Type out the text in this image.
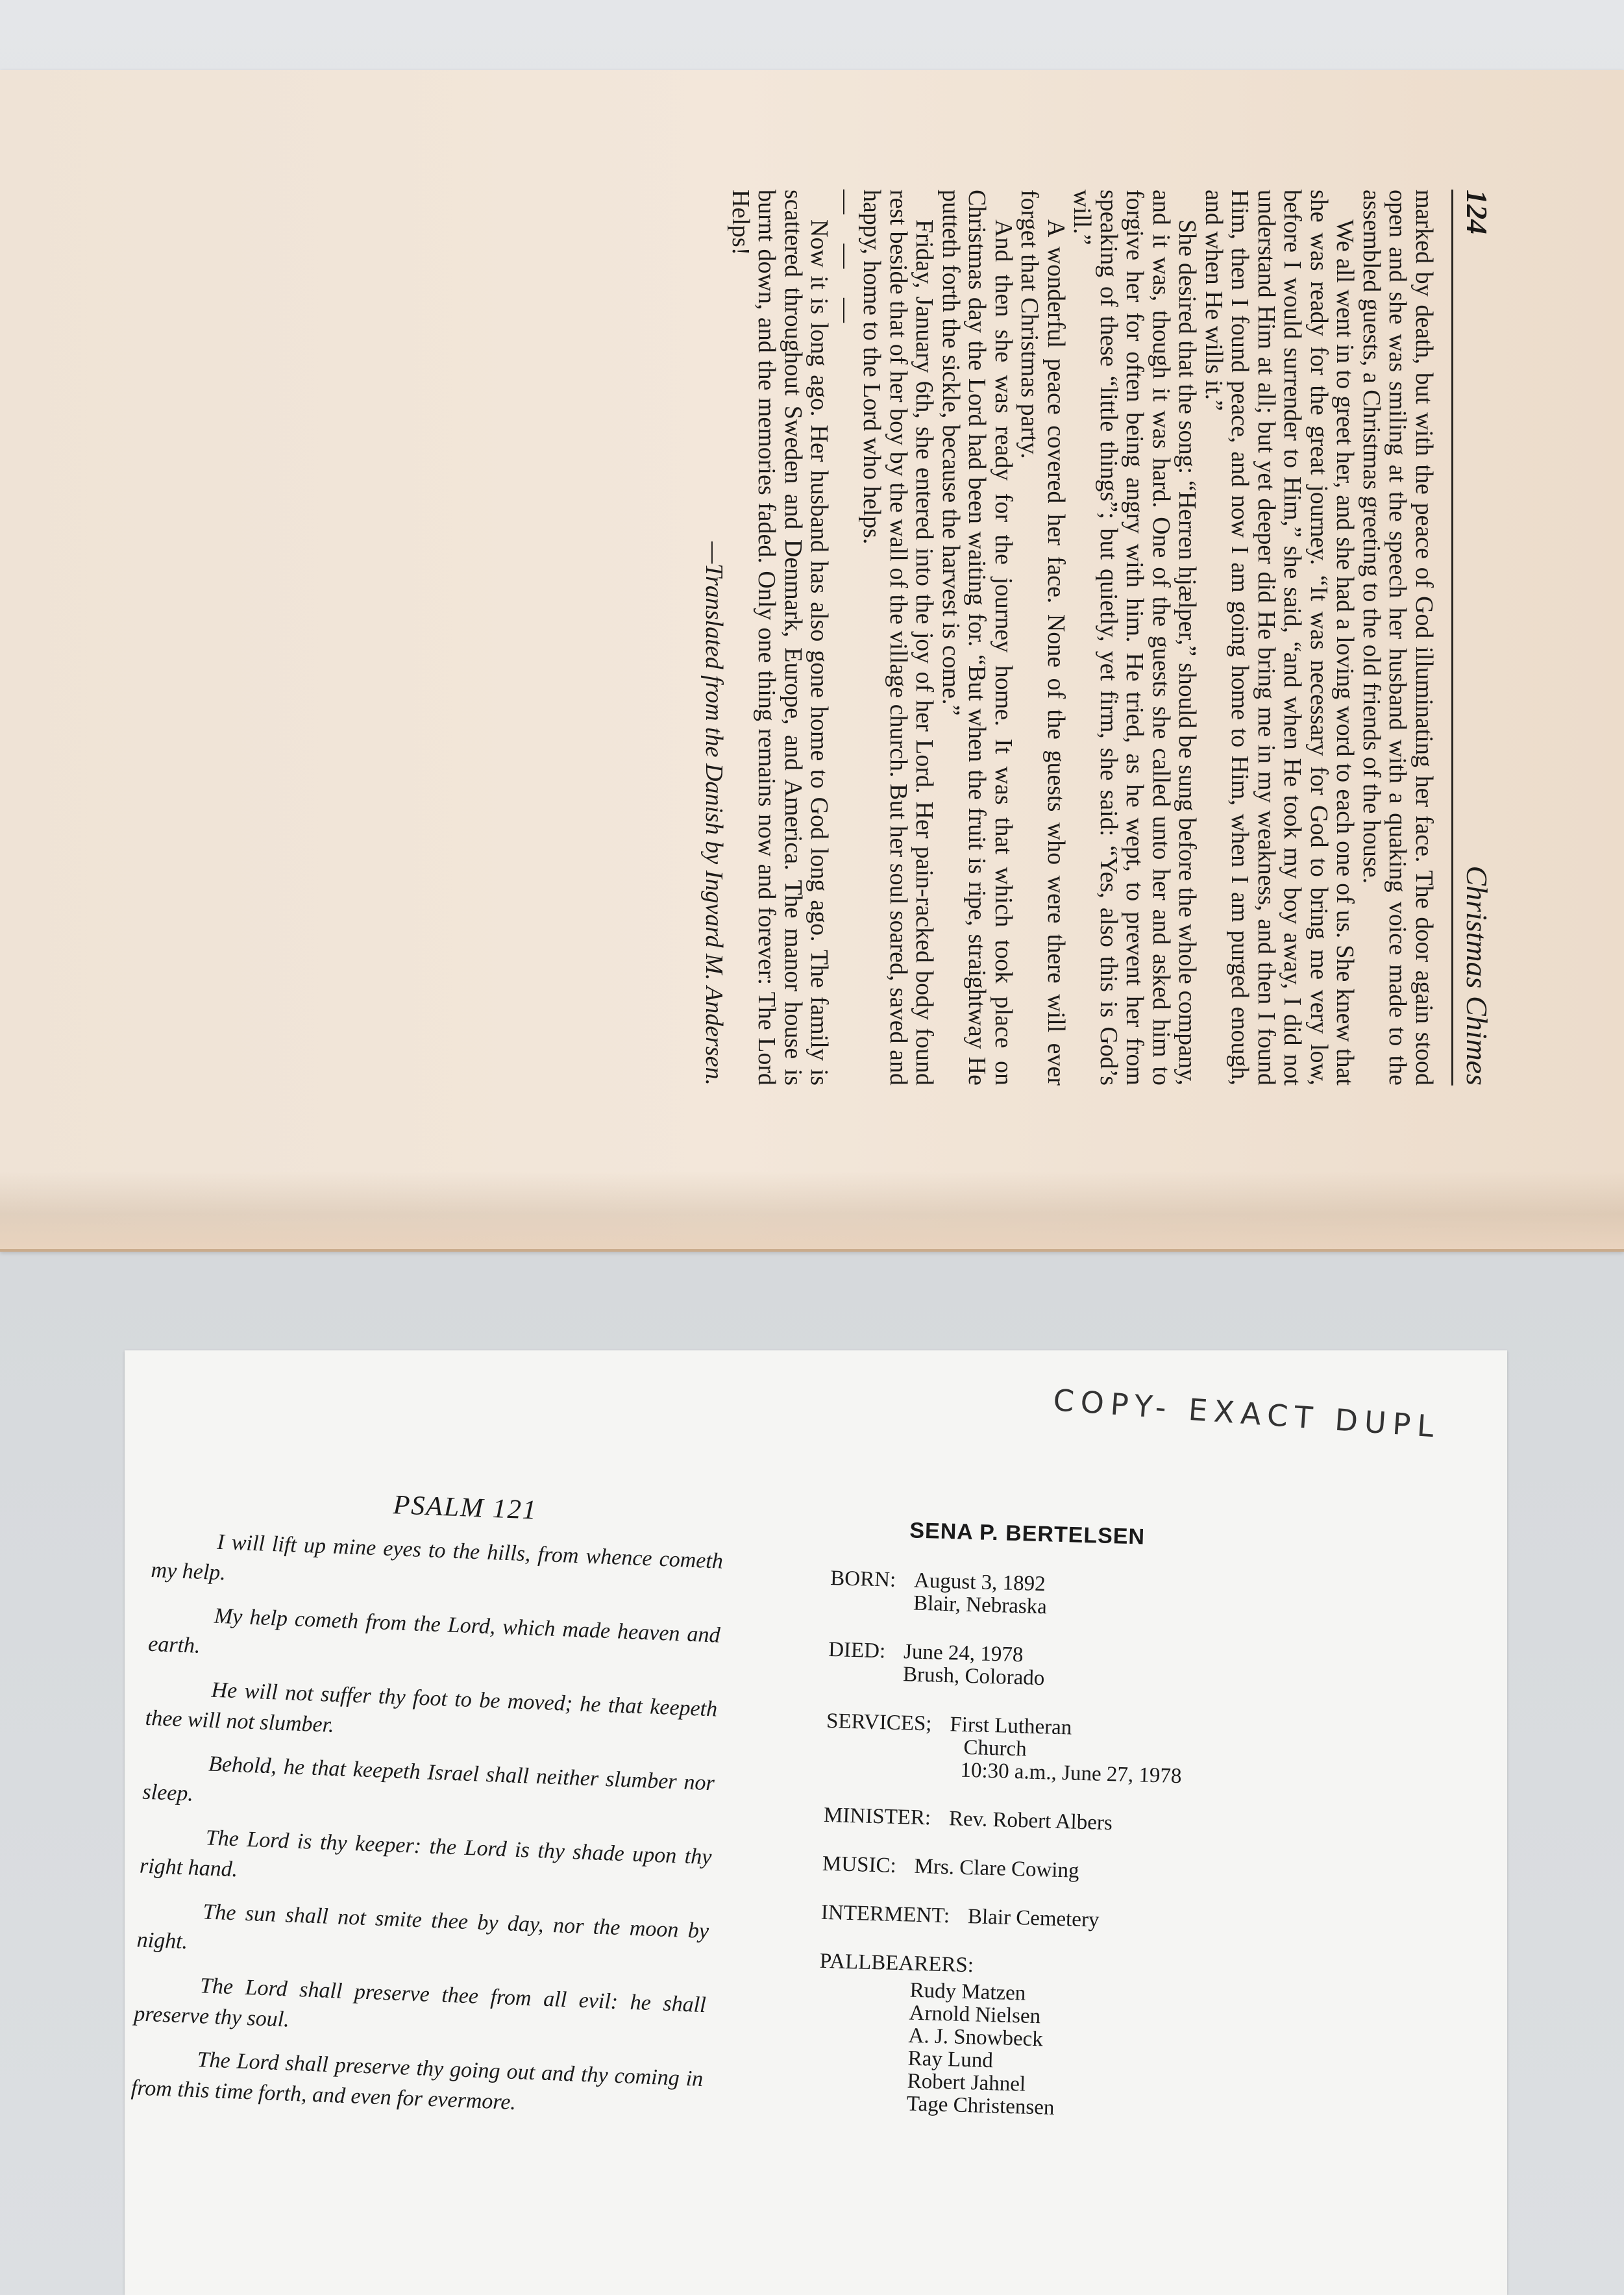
124
Christmas Chimes

marked by death, but with the peace of God illuminating her face. The door again stood open and she was smiling at the speech her husband with a quaking voice made to the assembled guests, a Christmas greeting to the old friends of the house.

We all went in to greet her, and she had a loving word to each one of us. She knew that she was ready for the great journey. “It was necessary for God to bring me very low, before I would surrender to Him,” she said, “and when He took my boy away, I did not understand Him at all; but yet deeper did He bring me in my weakness, and then I found Him, then I found peace, and now I am going home to Him, when I am purged enough, and when He wills it.”

She desired that the song: “Herren hjælper,” should be sung before the whole company, and it was, though it was hard. One of the guests she called unto her and asked him to forgive her for often being angry with him. He tried, as he wept, to prevent her from speaking of these “little things”; but quietly, yet firm, she said: “Yes, also this is God’s will.”

A wonderful peace covered her face. None of the guests who were there will ever forget that Christmas party.

And then she was ready for the journey home. It was that which took place on Christmas day the Lord had been waiting for. “But when the fruit is ripe, straightway He putteth forth the sickle, because the harvest is come.”

Friday, January 6th, she entered into the joy of her Lord. Her pain-racked body found rest beside that of her boy by the wall of the village church. But her soul soared, saved and happy, home to the Lord who helps.

— — —

Now it is long ago. Her husband has also gone home to God long ago. The family is scattered throughout Sweden and Denmark, Europe, and America. The manor house is burnt down, and the memories faded. Only one thing remains now and forever: The Lord Helps!

—Translated from the Danish by Ingvard M. Andersen.

COPY- EXACT DUPL
PSALM 121

I will lift up mine eyes to the hills, from whence cometh my help.

My help cometh from the Lord, which made heaven and earth.

He will not suffer thy foot to be moved; he that keepeth thee will not slumber.

Behold, he that keepeth Israel shall neither slumber nor sleep.

The Lord is thy keeper: the Lord is thy shade upon thy right hand.

The sun shall not smite thee by day, nor the moon by night.

The Lord shall preserve thee from all evil: he shall preserve thy soul.

The Lord shall preserve thy going out and thy coming in from this time forth, and even for evermore.

SENA P. BERTELSEN
BORN: August 3, 1892
Blair, Nebraska
DIED: June 24, 1978
Brush, Colorado
SERVICES; First Lutheran
Church
10:30 a.m., June 27, 1978
MINISTER: Rev. Robert Albers
MUSIC: Mrs. Clare Cowing
INTERMENT: Blair Cemetery
PALLBEARERS:
Rudy Matzen
Arnold Nielsen
A. J. Snowbeck
Ray Lund
Robert Jahnel
Tage Christensen
